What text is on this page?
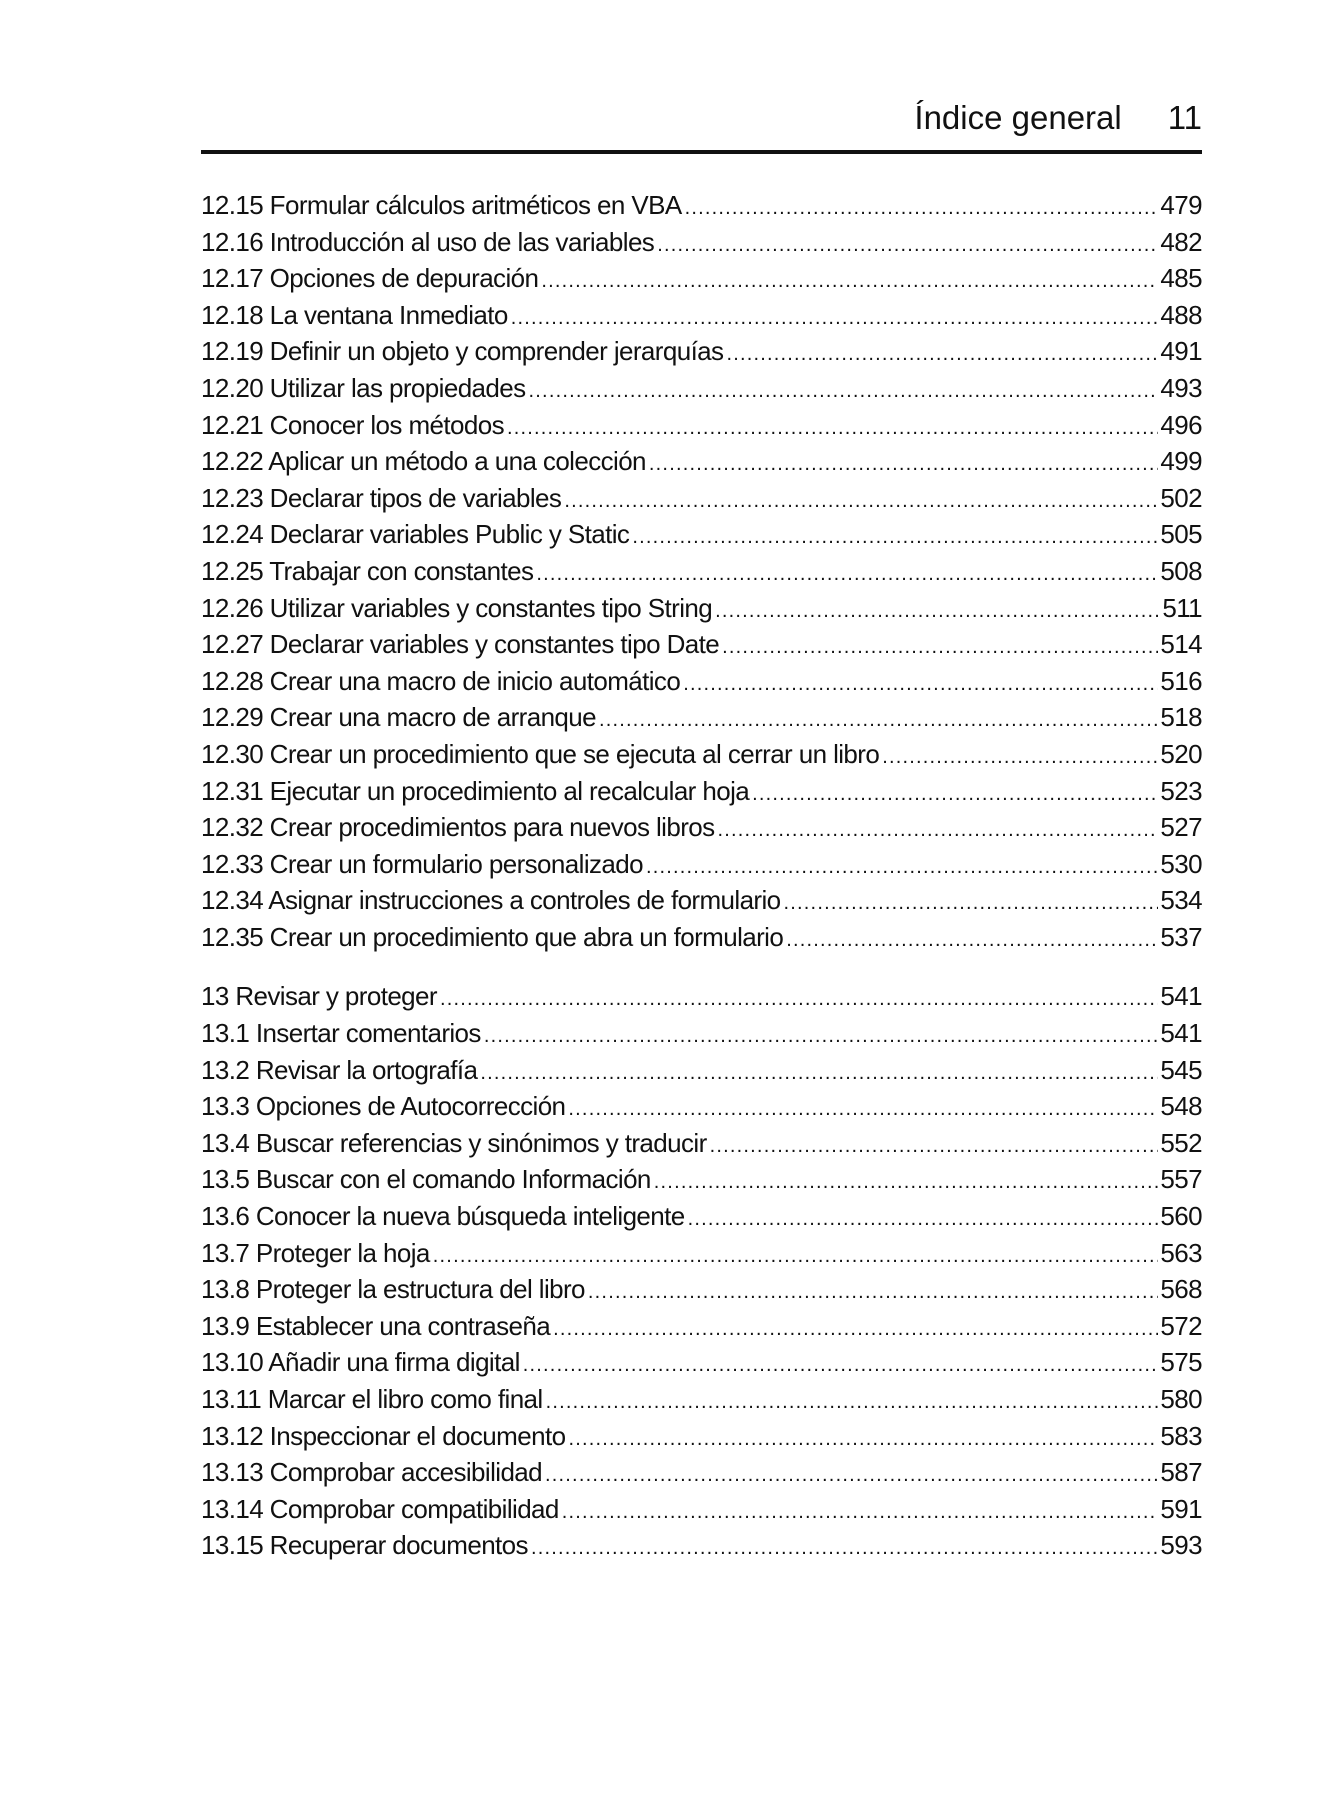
Índice general 11
12.15 Formular cálculos aritméticos en VBA .....	479
12.16 Introducción al uso de las variables .....	482
12.17 Opciones de depuración .....	485
12.18 La ventana Inmediato .....	488
12.19 Definir un objeto y comprender jerarquías .....	491
12.20 Utilizar las propiedades .....	493
12.21 Conocer los métodos .....	496
12.22 Aplicar un método a una colección .....	499
12.23 Declarar tipos de variables .....	502
12.24 Declarar variables Public y Static .....	505
12.25 Trabajar con constantes .....	508
12.26 Utilizar variables y constantes tipo String .....	511
12.27 Declarar variables y constantes tipo Date .....	514
12.28 Crear una macro de inicio automático .....	516
12.29 Crear una macro de arranque .....	518
12.30 Crear un procedimiento que se ejecuta al cerrar un libro .....	520
12.31 Ejecutar un procedimiento al recalcular hoja .....	523
12.32 Crear procedimientos para nuevos libros .....	527
12.33 Crear un formulario personalizado .....	530
12.34 Asignar instrucciones a controles de formulario .....	534
12.35 Crear un procedimiento que abra un formulario .....	537
13 Revisar y proteger .....	541
13.1 Insertar comentarios .....	541
13.2 Revisar la ortografía .....	545
13.3 Opciones de Autocorrección .....	548
13.4 Buscar referencias y sinónimos y traducir .....	552
13.5 Buscar con el comando Información .....	557
13.6 Conocer la nueva búsqueda inteligente .....	560
13.7 Proteger la hoja .....	563
13.8 Proteger la estructura del libro .....	568
13.9 Establecer una contraseña .....	572
13.10 Añadir una firma digital .....	575
13.11 Marcar el libro como final .....	580
13.12 Inspeccionar el documento .....	583
13.13 Comprobar accesibilidad .....	587
13.14 Comprobar compatibilidad .....	591
13.15 Recuperar documentos .....	593
